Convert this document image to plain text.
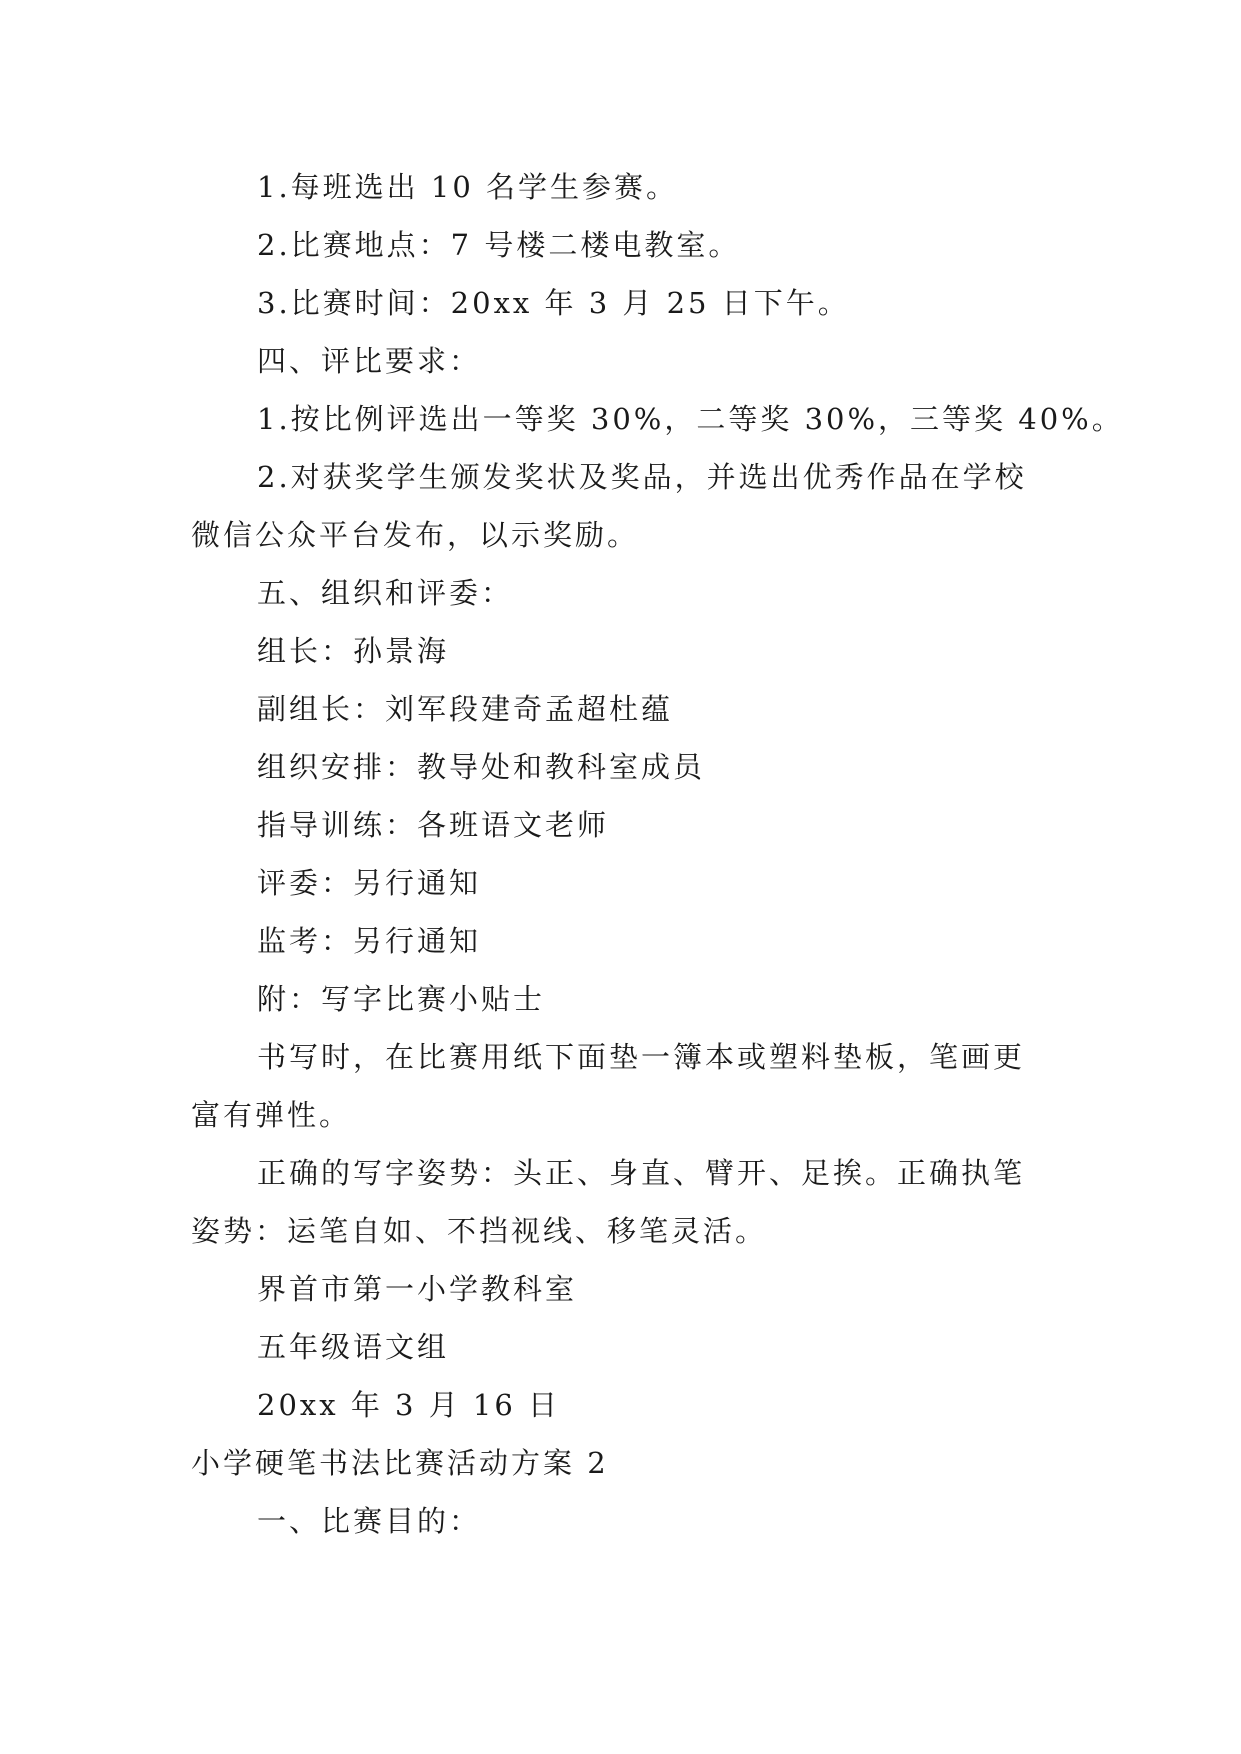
1.每班选出 10 名学生参赛。
2.比赛地点：7 号楼二楼电教室。
3.比赛时间：20xx 年 3 月 25 日下午。
四、评比要求：
1.按比例评选出一等奖 30%，二等奖 30%，三等奖 40%。
2.对获奖学生颁发奖状及奖品，并选出优秀作品在学校
微信公众平台发布，以示奖励。
五、组织和评委：
组长：孙景海
副组长：刘军段建奇孟超杜蕴
组织安排：教导处和教科室成员
指导训练：各班语文老师
评委：另行通知
监考：另行通知
附：写字比赛小贴士
书写时，在比赛用纸下面垫一簿本或塑料垫板，笔画更
富有弹性。
正确的写字姿势：头正、身直、臂开、足挨。正确执笔
姿势：运笔自如、不挡视线、移笔灵活。
界首市第一小学教科室
五年级语文组
20xx 年 3 月 16 日
小学硬笔书法比赛活动方案 2
一、比赛目的：
